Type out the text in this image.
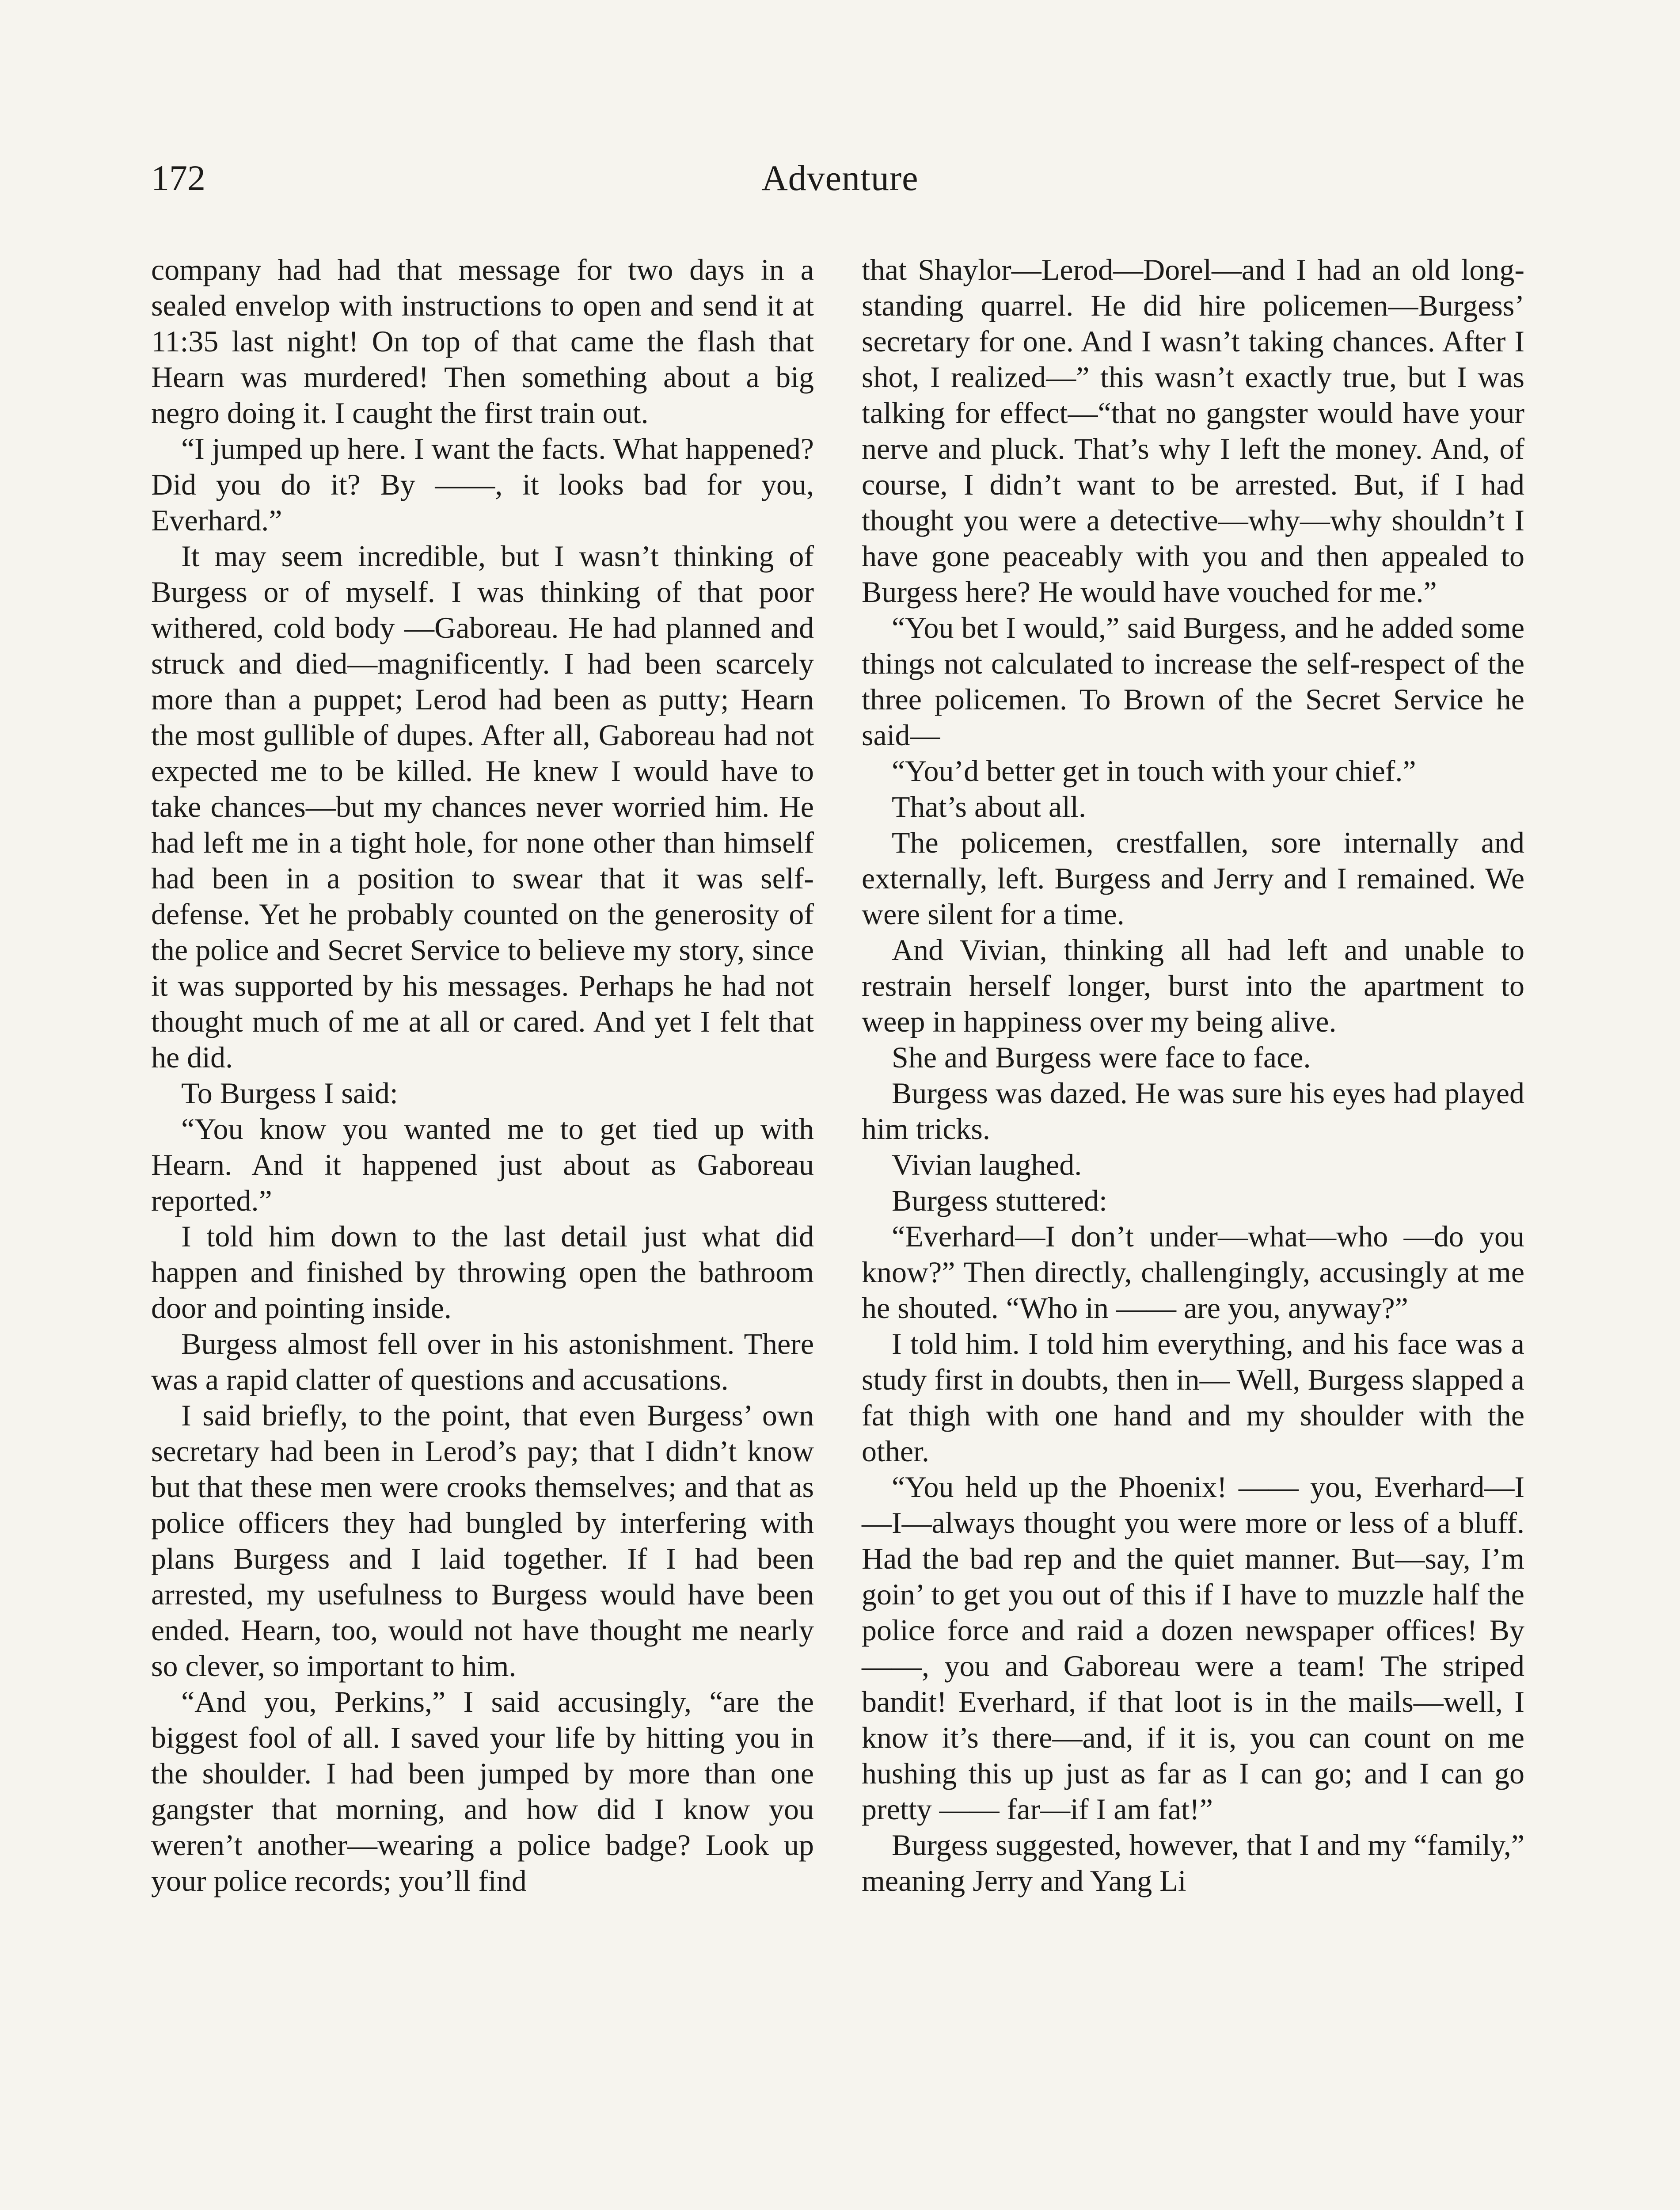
172	Adventure

company had had that message for two days in a sealed envelop with instructions to open and send it at 11:35 last night! On top of that came the flash that Hearn was murdered! Then something about a big negro doing it. I caught the first train out.

“I jumped up here. I want the facts. What happened? Did you do it? By ——, it looks bad for you, Everhard.”

It may seem incredible, but I wasn’t thinking of Burgess or of myself. I was thinking of that poor withered, cold body —Gaboreau. He had planned and struck and died—magnificently. I had been scarcely more than a puppet; Lerod had been as putty; Hearn the most gullible of dupes. After all, Gaboreau had not expected me to be killed. He knew I would have to take chances—but my chances never worried him. He had left me in a tight hole, for none other than himself had been in a position to swear that it was self-defense. Yet he probably counted on the generosity of the police and Secret Service to believe my story, since it was supported by his messages. Perhaps he had not thought much of me at all or cared. And yet I felt that he did.

To Burgess I said:

“You know you wanted me to get tied up with Hearn. And it happened just about as Gaboreau reported.”

I told him down to the last detail just what did happen and finished by throwing open the bathroom door and pointing inside.

Burgess almost fell over in his astonishment. There was a rapid clatter of questions and accusations.

I said briefly, to the point, that even Burgess’ own secretary had been in Lerod’s pay; that I didn’t know but that these men were crooks themselves; and that as police officers they had bungled by interfering with plans Burgess and I laid together. If I had been arrested, my usefulness to Burgess would have been ended. Hearn, too, would not have thought me nearly so clever, so important to him.

“And you, Perkins,” I said accusingly, “are the biggest fool of all. I saved your life by hitting you in the shoulder. I had been jumped by more than one gangster that morning, and how did I know you weren’t another—wearing a police badge? Look up your police records; you’ll find

that Shaylor—Lerod—Dorel—and I had an old long-standing quarrel. He did hire policemen—Burgess’ secretary for one. And I wasn’t taking chances. After I shot, I realized—” this wasn’t exactly true, but I was talking for effect—“that no gangster would have your nerve and pluck. That’s why I left the money. And, of course, I didn’t want to be arrested. But, if I had thought you were a detective—why—why shouldn’t I have gone peaceably with you and then appealed to Burgess here? He would have vouched for me.”

“You bet I would,” said Burgess, and he added some things not calculated to increase the self-respect of the three policemen. To Brown of the Secret Service he said—

“You’d better get in touch with your chief.”

That’s about all.

The policemen, crestfallen, sore internally and externally, left. Burgess and Jerry and I remained. We were silent for a time.

And Vivian, thinking all had left and unable to restrain herself longer, burst into the apartment to weep in happiness over my being alive.

She and Burgess were face to face.

Burgess was dazed. He was sure his eyes had played him tricks.

Vivian laughed.

Burgess stuttered:

“Everhard—I don’t under—what—who —do you know?” Then directly, challengingly, accusingly at me he shouted. “Who in —— are you, anyway?”

I told him. I told him everything, and his face was a study first in doubts, then in— Well, Burgess slapped a fat thigh with one hand and my shoulder with the other.

“You held up the Phoenix! —— you, Everhard—I—I—always thought you were more or less of a bluff. Had the bad rep and the quiet manner. But—say, I’m goin’ to get you out of this if I have to muzzle half the police force and raid a dozen newspaper offices! By ——, you and Gaboreau were a team! The striped bandit! Everhard, if that loot is in the mails—well, I know it’s there—and, if it is, you can count on me hushing this up just as far as I can go; and I can go pretty —— far—if I am fat!”

Burgess suggested, however, that I and my “family,” meaning Jerry and Yang Li
